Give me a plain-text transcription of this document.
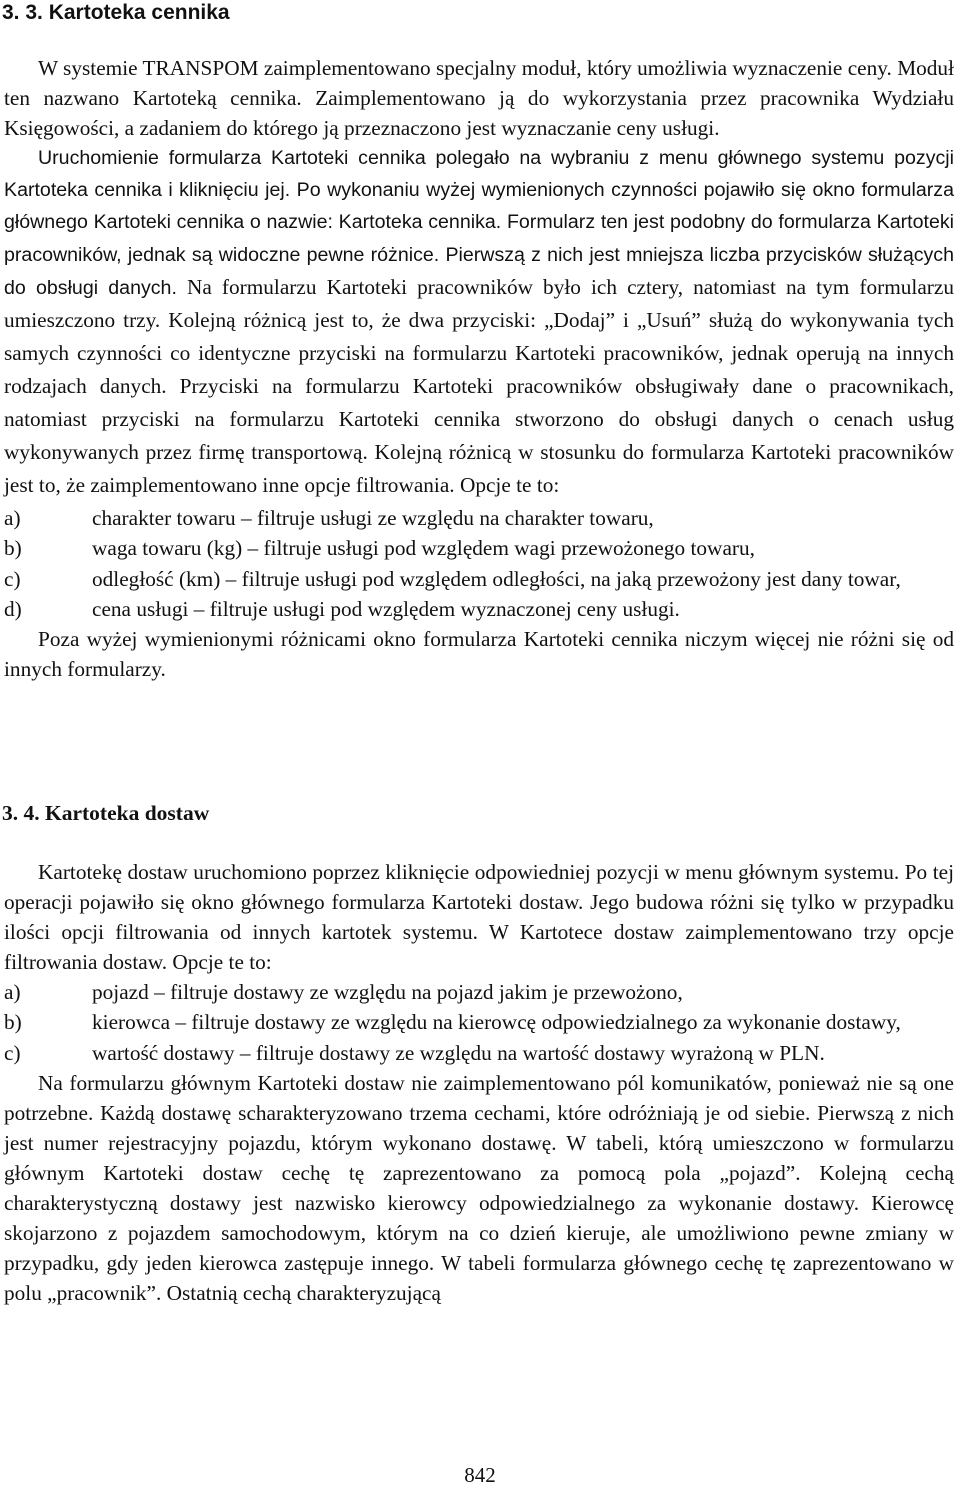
3. 3. Kartoteka cennika

W systemie TRANSPOM zaimplementowano specjalny moduł, który umożliwia wyznaczenie ceny. Moduł ten nazwano Kartoteką cennika. Zaimplementowano ją do wykorzystania przez pracownika Wydziału Księgowości, a zadaniem do którego ją przeznaczono jest wyznaczanie ceny usługi.

Uruchomienie formularza Kartoteki cennika polegało na wybraniu z menu głównego systemu pozycji Kartoteka cennika i kliknięciu jej. Po wykonaniu wyżej wymienionych czynności pojawiło się okno formularza głównego Kartoteki cennika o nazwie: Kartoteka cennika. Formularz ten jest podobny do formularza Kartoteki pracowników, jednak są widoczne pewne różnice. Pierwszą z nich jest mniejsza liczba przycisków służących do obsługi danych. Na formularzu Kartoteki pracowników było ich cztery, natomiast na tym formularzu umieszczono trzy. Kolejną różnicą jest to, że dwa przyciski: „Dodaj” i „Usuń” służą do wykonywania tych samych czynności co identyczne przyciski na formularzu Kartoteki pracowników, jednak operują na innych rodzajach danych. Przyciski na formularzu Kartoteki pracowników obsługiwały dane o pracownikach, natomiast przyciski na formularzu Kartoteki cennika stworzono do obsługi danych o cenach usług wykonywanych przez firmę transportową. Kolejną różnicą w stosunku do formularza Kartoteki pracowników jest to, że zaimplementowano inne opcje filtrowania. Opcje te to:

a)	charakter towaru – filtruje usługi ze względu na charakter towaru,
b)	waga towaru (kg) – filtruje usługi pod względem wagi przewożonego towaru,
c)	odległość (km) – filtruje usługi pod względem odległości, na jaką przewożony jest dany towar,
d)	cena usługi – filtruje usługi pod względem wyznaczonej ceny usługi.

Poza wyżej wymienionymi różnicami okno formularza Kartoteki cennika niczym więcej nie różni się od innych formularzy.

3. 4. Kartoteka dostaw

Kartotekę dostaw uruchomiono poprzez kliknięcie odpowiedniej pozycji w menu głównym systemu. Po tej operacji pojawiło się okno głównego formularza Kartoteki dostaw. Jego budowa różni się tylko w przypadku ilości opcji filtrowania od innych kartotek systemu. W Kartotece dostaw zaimplementowano trzy opcje filtrowania dostaw. Opcje te to:

a)	pojazd – filtruje dostawy ze względu na pojazd jakim je przewożono,
b)	kierowca – filtruje dostawy ze względu na kierowcę odpowiedzialnego za wykonanie dostawy,
c)	wartość dostawy – filtruje dostawy ze względu na wartość dostawy wyrażoną w PLN.

Na formularzu głównym Kartoteki dostaw nie zaimplementowano pól komunikatów, ponieważ nie są one potrzebne. Każdą dostawę scharakteryzowano trzema cechami, które odróżniają je od siebie. Pierwszą z nich jest numer rejestracyjny pojazdu, którym wykonano dostawę. W tabeli, którą umieszczono w formularzu głównym Kartoteki dostaw cechę tę zaprezentowano za pomocą pola „pojazd”. Kolejną cechą charakterystyczną dostawy jest nazwisko kierowcy odpowiedzialnego za wykonanie dostawy. Kierowcę skojarzono z pojazdem samochodowym, którym na co dzień kieruje, ale umożliwiono pewne zmiany w przypadku, gdy jeden kierowca zastępuje innego. W tabeli formularza głównego cechę tę zaprezentowano w polu „pracownik”. Ostatnią cechą charakteryzującą

842
